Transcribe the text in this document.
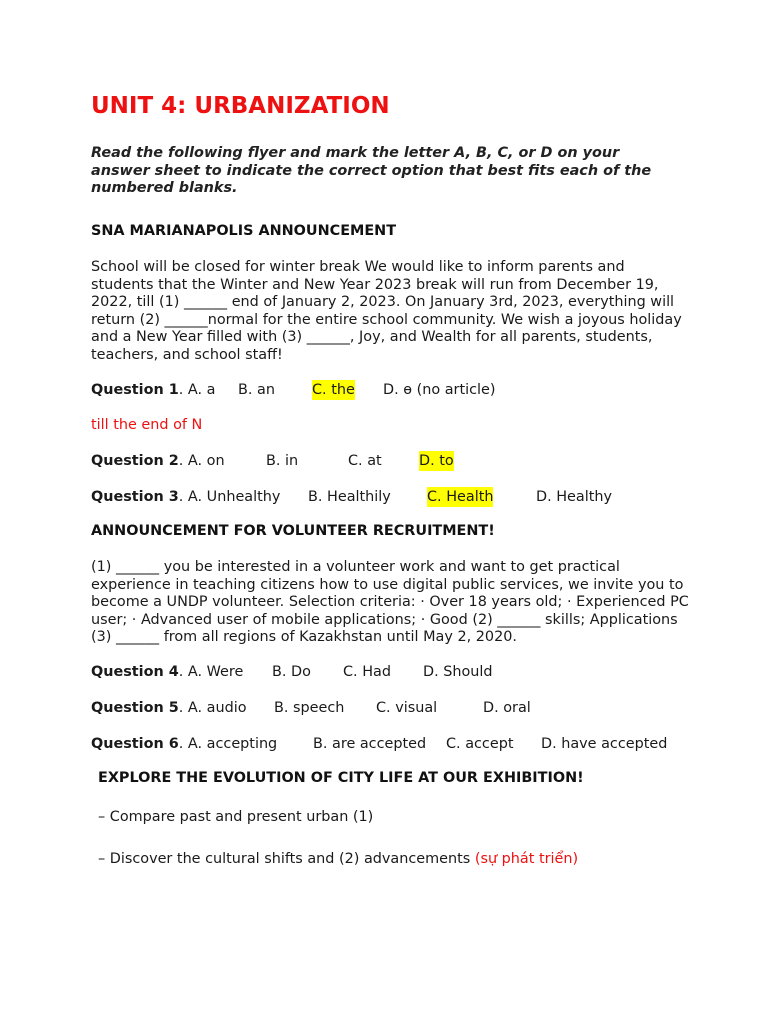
UNIT 4: URBANIZATION

Read the following flyer and mark the letter A, B, C, or D on your answer sheet to indicate the correct option that best fits each of the numbered blanks.

SNA MARIANAPOLIS ANNOUNCEMENT

School will be closed for winter break We would like to inform parents and students that the Winter and New Year 2023 break will run from December 19, 2022, till (1) ______ end of January 2, 2023. On January 3rd, 2023, everything will return (2) ______normal for the entire school community. We wish a joyous holiday and a New Year filled with (3) ______, Joy, and Wealth for all parents, students, teachers, and school staff!

Question 1. A. a B. an	C. the D. ɵ (no article)
till the end of N
Question 2. A. on	B. in	C. at	D. to
Question 3. A. Unhealthy B. Healthily	C. Health	D. Healthy
ANNOUNCEMENT FOR VOLUNTEER RECRUITMENT!

(1) ______ you be interested in a volunteer work and want to get practical experience in teaching citizens how to use digital public services, we invite you to become a UNDP volunteer. Selection criteria: · Over 18 years old; · Experienced PC user; · Advanced user of mobile applications; · Good (2) ______ skills; Applications (3) ______ from all regions of Kazakhstan until May 2, 2020.

Question 4. A. Were B. Do C. Had D. Should
Question 5. A. audio B. speech C. visual	D. oral
Question 6. A. accepting B. are accepted C. accept D. have accepted
EXPLORE THE EVOLUTION OF CITY LIFE AT OUR EXHIBITION!
– Compare past and present urban (1)
– Discover the cultural shifts and (2) advancements (sự phát triển)
